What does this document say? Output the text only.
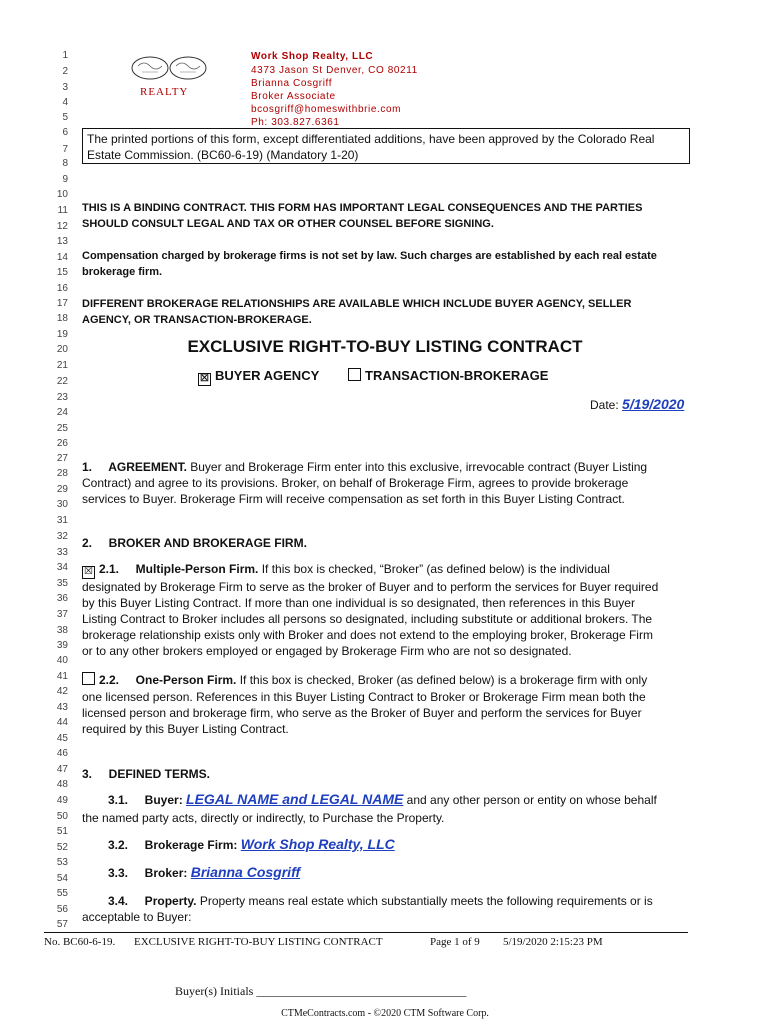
1
2
3
4
5
6
7
8
9
10
11
12
13
14
15
16
17
18
19
20
21
22
23
24
25
26
27
28
29
30
31
32
33
34
35
36
37
38
39
40
41
42
43
44
45
46
47
48
49
50
51
52
53
54
55
56
57
REALTY
Work Shop Realty, LLC
4373 Jason St Denver, CO 80211
Brianna Cosgriff
Broker Associate
bcosgriff@homeswithbrie.com
Ph: 303.827.6361
The printed portions of this form, except differentiated additions, have been approved by the Colorado Real
Estate Commission. (BC60-6-19) (Mandatory 1-20)
THIS IS A BINDING CONTRACT. THIS FORM HAS IMPORTANT LEGAL CONSEQUENCES AND THE PARTIES
SHOULD CONSULT LEGAL AND TAX OR OTHER COUNSEL BEFORE SIGNING.
Compensation charged by brokerage firms is not set by law. Such charges are established by each real estate
brokerage firm.
DIFFERENT BROKERAGE RELATIONSHIPS ARE AVAILABLE WHICH INCLUDE BUYER AGENCY, SELLER
AGENCY, OR TRANSACTION-BROKERAGE.
EXCLUSIVE RIGHT-TO-BUY LISTING CONTRACT
☒ BUYER AGENCY	TRANSACTION-BROKERAGE
Date: 5/19/2020
1.     AGREEMENT. Buyer and Brokerage Firm enter into this exclusive, irrevocable contract (Buyer Listing
Contract) and agree to its provisions. Broker, on behalf of Brokerage Firm, agrees to provide brokerage
services to Buyer. Brokerage Firm will receive compensation as set forth in this Buyer Listing Contract.
2.     BROKER AND BROKERAGE FIRM.
☒ 2.1.     Multiple-Person Firm. If this box is checked, “Broker” (as defined below) is the individual
designated by Brokerage Firm to serve as the broker of Buyer and to perform the services for Buyer required
by this Buyer Listing Contract. If more than one individual is so designated, then references in this Buyer
Listing Contract to Broker includes all persons so designated, including substitute or additional brokers. The
brokerage relationship exists only with Broker and does not extend to the employing broker, Brokerage Firm
or to any other brokers employed or engaged by Brokerage Firm who are not so designated.
2.2.     One-Person Firm. If this box is checked, Broker (as defined below) is a brokerage firm with only
one licensed person. References in this Buyer Listing Contract to Broker or Brokerage Firm mean both the
licensed person and brokerage firm, who serve as the Broker of Buyer and perform the services for Buyer
required by this Buyer Listing Contract.
3.     DEFINED TERMS.
3.1.     Buyer: LEGAL NAME and LEGAL NAME and any other person or entity on whose behalf
the named party acts, directly or indirectly, to Purchase the Property.
3.2.     Brokerage Firm: Work Shop Realty, LLC
3.3.     Broker: Brianna Cosgriff
3.4.     Property. Property means real estate which substantially meets the following requirements or is
acceptable to Buyer:
No. BC60-6-19. EXCLUSIVE RIGHT-TO-BUY LISTING CONTRACT	Page 1 of 9 5/19/2020 2:15:23 PM
Buyer(s) Initials ___________________________________
CTMeContracts.com - ©2020 CTM Software Corp.
